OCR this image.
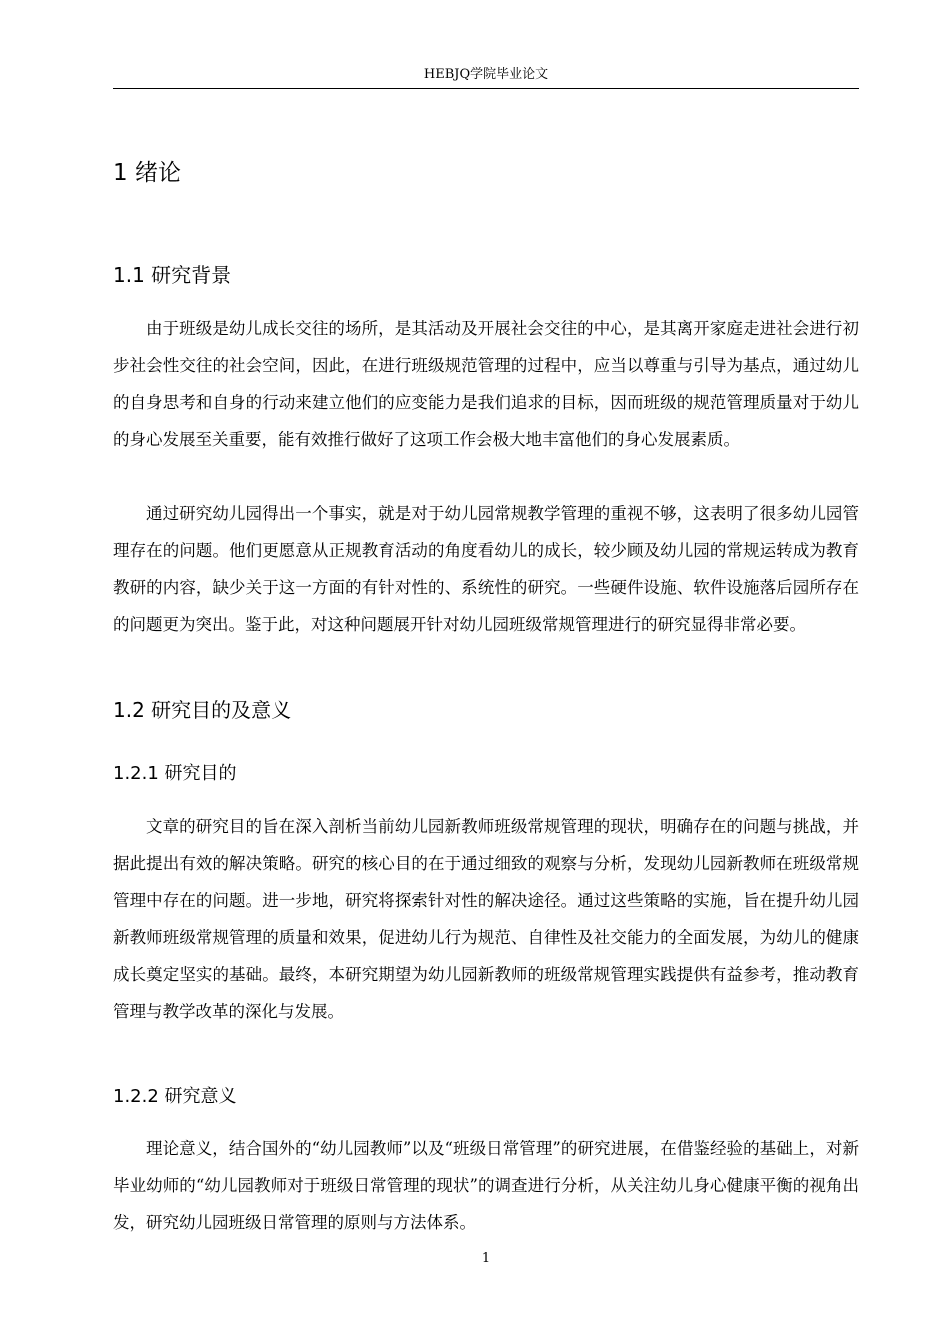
HEBJQ学院毕业论文
1 绪论
1.1 研究背景

由于班级是幼儿成长交往的场所，是其活动及开展社会交往的中心，是其离开家庭走进社会进行初步社会性交往的社会空间，因此，在进行班级规范管理的过程中，应当以尊重与引导为基点，通过幼儿的自身思考和自身的行动来建立他们的应变能力是我们追求的目标，因而班级的规范管理质量对于幼儿的身心发展至关重要，能有效推行做好了这项工作会极大地丰富他们的身心发展素质。

通过研究幼儿园得出一个事实，就是对于幼儿园常规教学管理的重视不够，这表明了很多幼儿园管理存在的问题。他们更愿意从正规教育活动的角度看幼儿的成长，较少顾及幼儿园的常规运转成为教育教研的内容，缺少关于这一方面的有针对性的、系统性的研究。一些硬件设施、软件设施落后园所存在的问题更为突出。鉴于此，对这种问题展开针对幼儿园班级常规管理进行的研究显得非常必要。

1.2 研究目的及意义
1.2.1 研究目的

文章的研究目的旨在深入剖析当前幼儿园新教师班级常规管理的现状，明确存在的问题与挑战，并据此提出有效的解决策略。研究的核心目的在于通过细致的观察与分析，发现幼儿园新教师在班级常规管理中存在的问题。进一步地，研究将探索针对性的解决途径。通过这些策略的实施，旨在提升幼儿园新教师班级常规管理的质量和效果，促进幼儿行为规范、自律性及社交能力的全面发展，为幼儿的健康成长奠定坚实的基础。最终，本研究期望为幼儿园新教师的班级常规管理实践提供有益参考，推动教育管理与教学改革的深化与发展。

1.2.2 研究意义

理论意义，结合国外的“幼儿园教师”以及“班级日常管理”的研究进展，在借鉴经验的基础上，对新毕业幼师的“幼儿园教师对于班级日常管理的现状”的调查进行分析，从关注幼儿身心健康平衡的视角出发，研究幼儿园班级日常管理的原则与方法体系。

1
